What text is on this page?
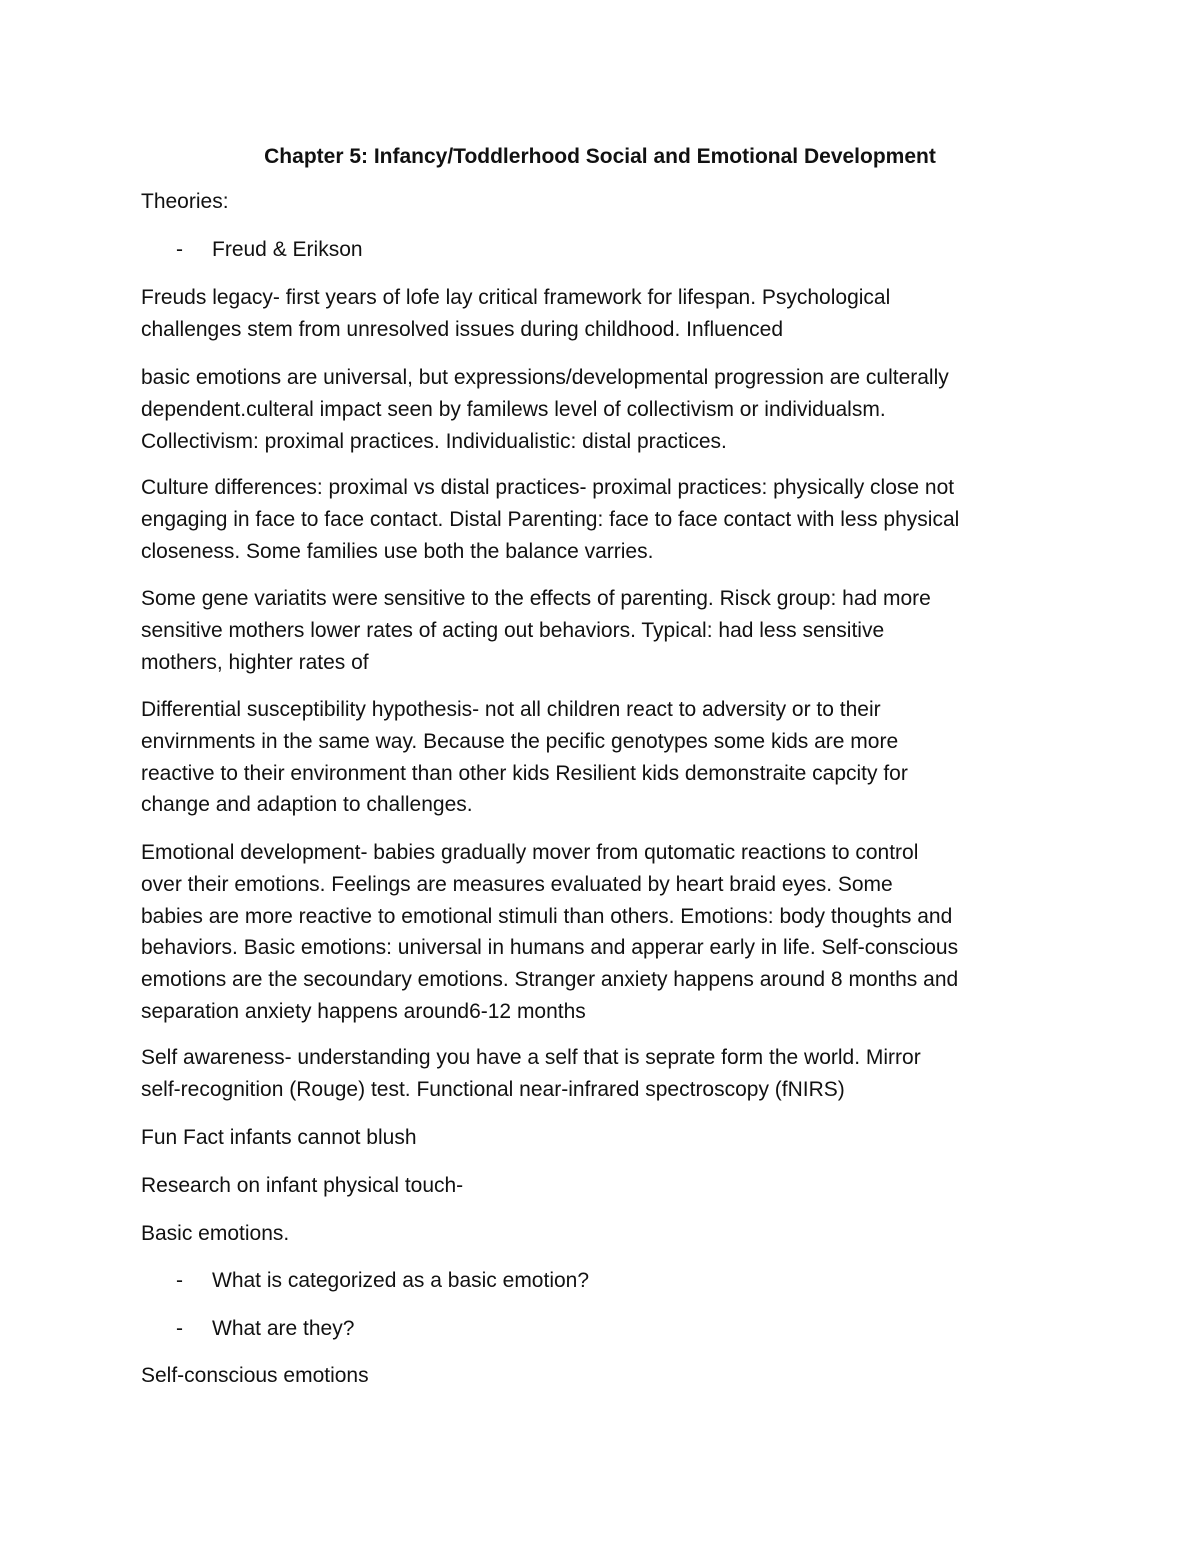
Chapter 5: Infancy/Toddlerhood Social and Emotional Development

Theories:

- Freud & Erikson

Freuds legacy- first years of lofe lay critical framework for lifespan. Psychological

challenges stem from unresolved issues during childhood. Influenced

basic emotions are universal, but expressions/developmental progression are culterally

dependent.culteral impact seen by familews level of collectivism or individualsm.

Collectivism: proximal practices. Individualistic: distal practices.

Culture differences: proximal vs distal practices- proximal practices: physically close not

engaging in face to face contact. Distal Parenting: face to face contact with less physical

closeness. Some families use both the balance varries.

Some gene variatits were sensitive to the effects of parenting. Risck group: had more

sensitive mothers lower rates of acting out behaviors. Typical: had less sensitive

mothers, highter rates of

Differential susceptibility hypothesis- not all children react to adversity or to their

envirnments in the same way. Because the pecific genotypes some kids are more

reactive to their environment than other kids Resilient kids demonstraite capcity for

change and adaption to challenges.

Emotional development- babies gradually mover from qutomatic reactions to control

over their emotions. Feelings are measures evaluated by heart braid eyes. Some

babies are more reactive to emotional stimuli than others. Emotions: body thoughts and

behaviors. Basic emotions: universal in humans and apperar early in life. Self-conscious

emotions are the secoundary emotions. Stranger anxiety happens around 8 months and

separation anxiety happens around6-12 months

Self awareness- understanding you have a self that is seprate form the world. Mirror

self-recognition (Rouge) test. Functional near-infrared spectroscopy (fNIRS)

Fun Fact infants cannot blush

Research on infant physical touch-

Basic emotions.

- What is categorized as a basic emotion?
- What are they?

Self-conscious emotions
